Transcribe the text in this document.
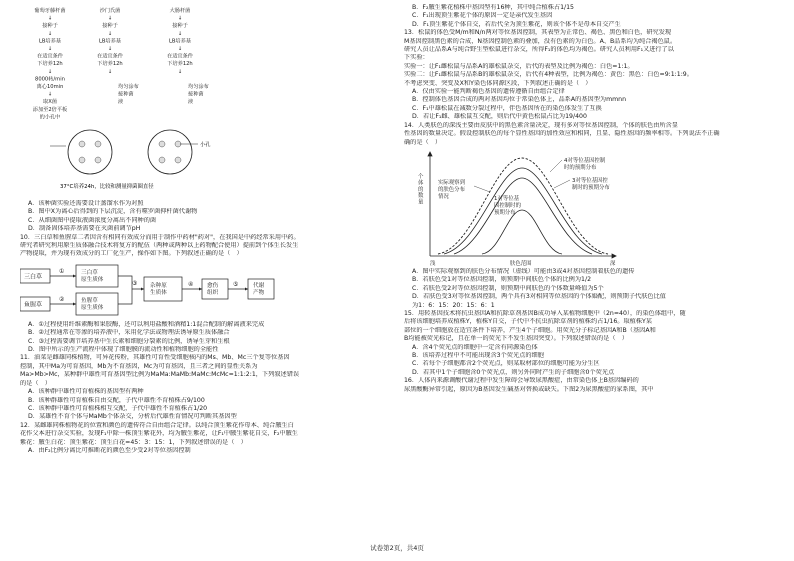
葡萄牙藤杆菌
↓
接种于
↓
LB培养基
↓
在适宜条件
下培养12h
↓
8000转/min
离心10min
↓
取X菌
添加至2倍平板
的小孔中
沙门氏菌
↓
接种于
↓
LB培养基
↓
在适宜条件
下培养12h
↓
均匀涂布
接种菌
液
大肠杆菌
↓
接种于
↓
LB培养基
↓
在适宜条件
下培养12h
↓
均匀涂布
接种菌
液
小孔
37°C培养24h，比较和测量抑菌圈直径
A．该种菌实验还需要设计蒸馏水作为对照
B．图中X为离心后得到的下层沉淀，含有噬罗菌抑杆菌代谢物
C．从细菌图中提取液菌浓度分离出不同种的菌
D．制备固体培养基需要在灭菌前调节pH
10．三白草和鱼腥草二者因含有相同有效成分而用于制作中药材"药对"，在我国是中药经常采用中药。
研究者研究利用原生质体融合技术将复方的配伍（两种或两种以上药物配合使用）提前到个体生长发生
产物提取，并为现有效成分的工厂化生产，操作如下图。下列叙述正确的是（　）
三白草
鱼腥草
①
②
③	④	⑤
三白草原生质体
鱼腥草原生质体
杂种原生质体
愈伤组织
代谢产物
A．①过程使用纤维素酶和果胶酶，还可以利用盐酸和酒精1:1混合配制的解离液来完成
B．②过程通常在等渗的培养液中，采用化学法或物理法诱导原生质体融合
C．③过程需要调节培养基中生长素和细胞分裂素的比例，诱导生芽和生根
D．图中所示的生产流程中体现了细胞膜的流动性和植物细胞的全能性
11．油菜是雌雄同株植物，可异花传粉，其雄性可育性受细胞核内的Ms、Mb、Mc三个复等位基因
控制，其中Ma为可育基因，Mb为不育基因，Mc为可育基因，且三者之间的显性关系为
Ma>Mb>Mc，某种群中雄性可育基因型比例为MaMa:MaMb:MaMc:McMc=1:1:2:1，下列叙述错误
的是（　）
A．该种群中雄性可育植株的基因型有两种
B．该种群雄性可育植株自由交配，子代中雄性不育植株占9/100
C．该种群中雄性可育植株相互交配，子代中雄性不育植株占1/20
D．某雄性不育个体与MaMb个体杂交，分析后代雄性育情况可判断其基因型
12．某雌雄同株植物花的位置和颜色的遗传符合自由组合定律。以纯合顶生紫花作母本、纯合腋生白
花作父本进行杂交实验，发现F₁中除一株顶生紫花外，均为腋生紫花，让F₁中腋生紫花自交，F₂中腋生
紫花：腋生白花：顶生紫花：顶生白花=45：3：15：1，下列叙述错误的是（　）
A．由F₂比例分离比可推断花的颜色至少受2对等位基因控制
B．F₂腋生紫花植株中基因型有16种，其中纯合植株占1/15
C．F₁出现顶生紫花个体的原因一定是亲代发生基因
D．F₁顶生紫花个体自交，若后代全为顶生紫花，则该个体不是母本自交产生
13．松鼠的体色受M/m和N/n两对等位基因控制，其表型为正常色、褐色、黑色和白色，研究发现
M基因控制黑色素的合成，N基因控制色素的叠加，没有色素的为白色。A、B品系均为纯合褐色鼠。
研究人员让品系A与纯合野生型松鼠进行杂交，所得F₁的体色均为褐色。研究人员利用F₁又进行了以
下实验：
实验一：让F₁雌松鼠与品系A的雄松鼠杂交，后代的表型及比例为褐色：白色=1:1。
实验二：让F₁雌松鼠与品系B的雄松鼠杂交，后代有4种表型，比例为褐色：黄色：黑色：白色=9:1:1:9。
不考虑突变、突变及X和Y染色体同源区段，下列叙述正确的是（　）
A．仅由实验一能判断褐色基因的遗传遵循自由组合定律
B．控制体色基因合成的两对基因均位于常染色体上，品系A的基因型为mmnn
C．F₁中雄松鼠在减数分裂过程中，伴色基因所在的染色体发生了互换
D．若让F₁雌、雄松鼠互交配，则后代中黄色松鼠占比为19/400
14．人类肤色的深浅主要由皮肤中的黑色素含量决定，现有多对等位基因控制，个体的肤色由所含显
性基因的数量决定。假设控制肤色的每个显性基因的加性效应和相同，且显、隐性基因的频率相等。下列说法不正确
确的是（　）
个体的数量
肤色范围
浅	深
实际观察到的肤色分布情况
4对等位基因控制时的预期分布
3对等位基因控制时的预期分布
1对等位基因控制时的预期分布
A．图中实际观察到的肤色分布情况（虚线）可能由3或4对基因控制着肤色的遗传
B．若肤色受1对等位基因控制，则预期中间肤色个体的比例为1/2
C．若肤色受2对等位基因控制，则预期中间肤色的个体数量峰值为5个
D．若肤色受3对等位基因控制，两个具有3对相同等位基因的个体婚配，则预期子代肤色比值
为1：6：15：20：15：6：1
15．用转基因技术将抗虫基因A和抗除草剂基因B成功导入某植物细胞中（2n=40），的染色体组中，随
后将该细胞培养成植株Y，植株Y自交，子代中不抗虫抗除草剂的植株约占1/16。取植株Y某
部位的一个细胞放在适宜条件下培养，产生4个子细胞。用荧光分子标记基因A和B（基因A和
B均能被荧光标记，且在单一的荧光下不发生基因突变）。下列叙述错误的是（　）
A．含4个荧光点的细胞中一定含有同源染色体
B．该培养过程中不可能出现含3个荧光点的细胞
C．若每个子细胞都含2个荧光点，则某取材部位的细胞可能为分生区
D．若其中1个子细胞含0个荧光点，则另外同时产生的子细胞含0个荧光点
16．人体内来源调酸代谢过程中发生障碍会导致尿黑酸症，由常染色体上B基因编码的
尿黑酸酶异常引起，原因为B基因发生碱基对替换或缺失。下图2为尿黑酸症的家系图，其中
试卷第2页，共4页
